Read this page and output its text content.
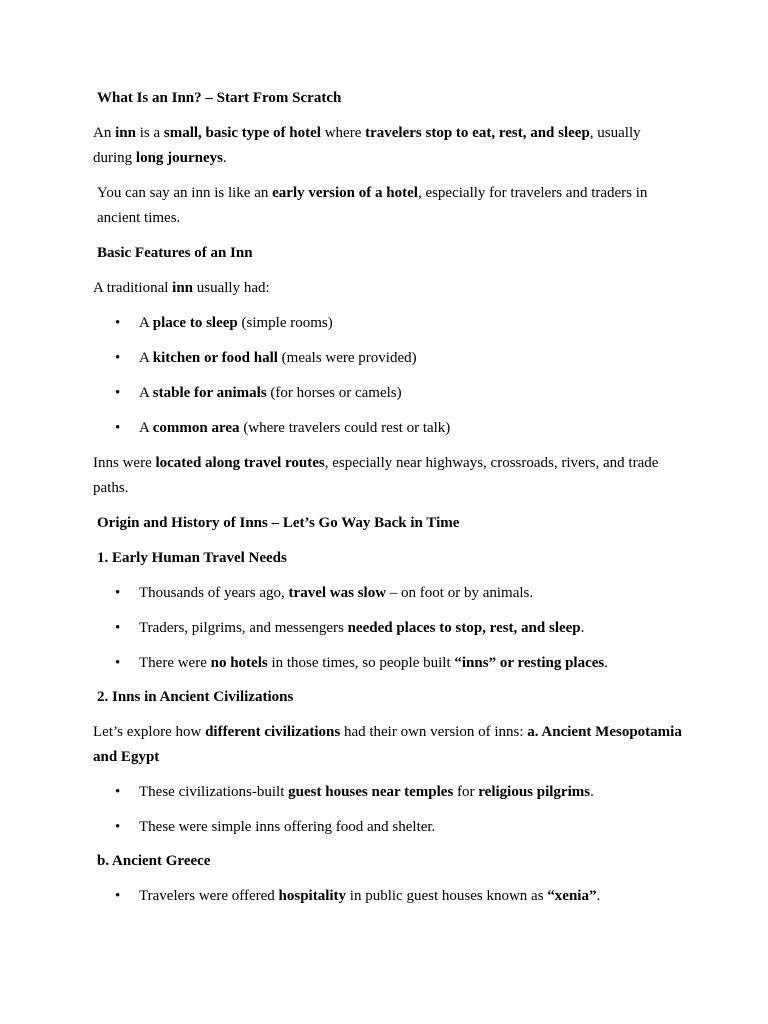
What Is an Inn? – Start From Scratch

An inn is a small, basic type of hotel where travelers stop to eat, rest, and sleep, usually during long journeys.

You can say an inn is like an early version of a hotel, especially for travelers and traders in ancient times.

Basic Features of an Inn

A traditional inn usually had:

• A place to sleep (simple rooms)
• A kitchen or food hall (meals were provided)
• A stable for animals (for horses or camels)
• A common area (where travelers could rest or talk)

Inns were located along travel routes, especially near highways, crossroads, rivers, and trade paths.

Origin and History of Inns – Let’s Go Way Back in Time

1. Early Human Travel Needs

• Thousands of years ago, travel was slow – on foot or by animals.
• Traders, pilgrims, and messengers needed places to stop, rest, and sleep.
• There were no hotels in those times, so people built “inns” or resting places.

2. Inns in Ancient Civilizations

Let’s explore how different civilizations had their own version of inns: a. Ancient Mesopotamia and Egypt

• These civilizations-built guest houses near temples for religious pilgrims.
• These were simple inns offering food and shelter.

b. Ancient Greece

• Travelers were offered hospitality in public guest houses known as “xenia”.
